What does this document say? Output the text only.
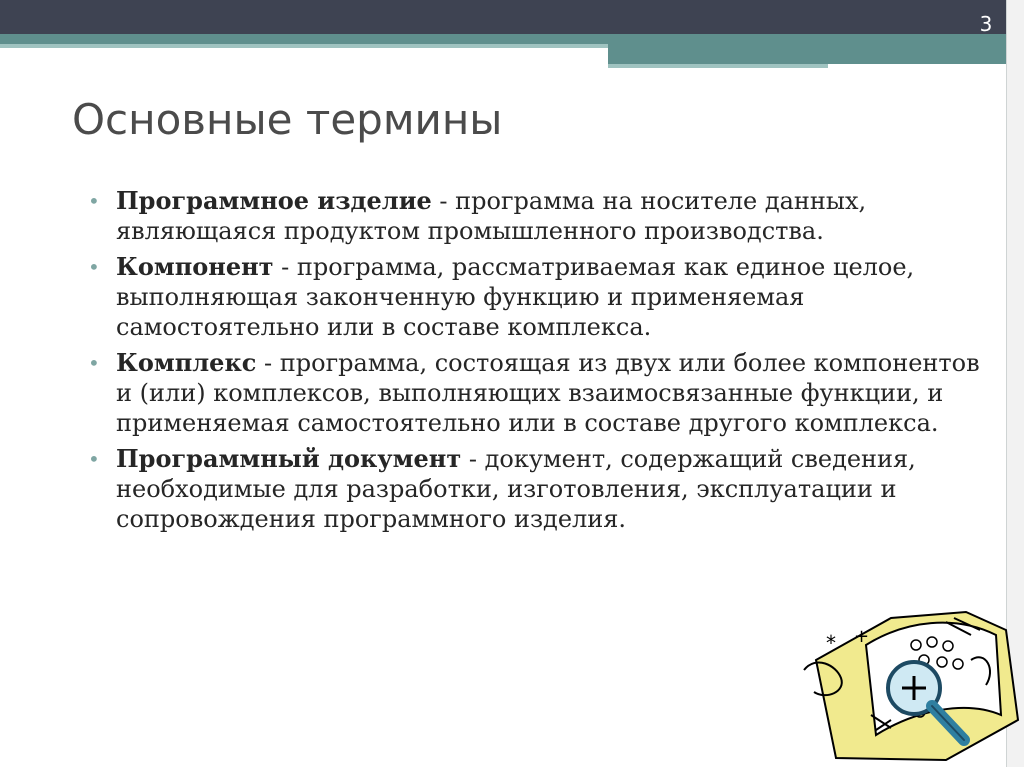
3
Основные термины
• Программное изделие - программа на носителе данных, являющаяся продуктом промышленного производства.
• Компонент - программа, рассматриваемая как единое целое, выполняющая законченную функцию и применяемая самостоятельно или в составе комплекса.
• Комплекс - программа, состоящая из двух или более компонентов и (или) комплексов, выполняющих взаимосвязанные функции, и применяемая самостоятельно или в составе другого комплекса.
• Программный документ - документ, содержащий сведения, необходимые для разработки, изготовления, эксплуатации и сопровождения программного изделия.
* +
